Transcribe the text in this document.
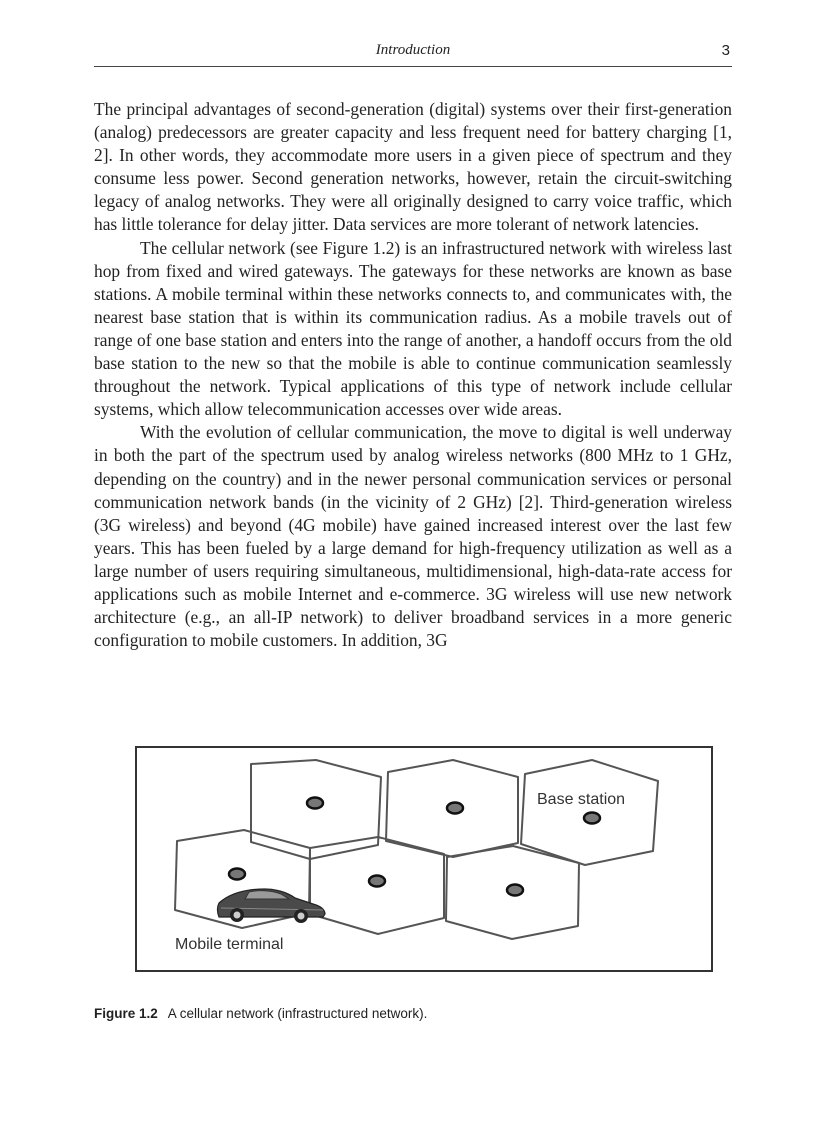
Introduction	3

The principal advantages of second-generation (digital) systems over their first-generation (analog) predecessors are greater capacity and less frequent need for battery charging [1, 2]. In other words, they accommodate more users in a given piece of spectrum and they consume less power. Second generation networks, however, retain the circuit-switching legacy of analog networks. They were all originally designed to carry voice traffic, which has little tolerance for delay jitter. Data services are more tolerant of network latencies.

The cellular network (see Figure 1.2) is an infrastructured network with wireless last hop from fixed and wired gateways. The gateways for these networks are known as base stations. A mobile terminal within these networks connects to, and communicates with, the nearest base station that is within its communication radius. As a mobile travels out of range of one base station and enters into the range of another, a handoff occurs from the old base station to the new so that the mobile is able to continue communication seamlessly throughout the network. Typical applications of this type of network include cellular systems, which allow telecommunication accesses over wide areas.

With the evolution of cellular communication, the move to digital is well underway in both the part of the spectrum used by analog wireless networks (800 MHz to 1 GHz, depending on the country) and in the newer personal communication services or personal communication network bands (in the vicinity of 2 GHz) [2]. Third-generation wireless (3G wireless) and beyond (4G mobile) have gained increased interest over the last few years. This has been fueled by a large demand for high-frequency utilization as well as a large number of users requiring simultaneous, multidimensional, high-data-rate access for applications such as mobile Internet and e-commerce. 3G wireless will use new network architecture (e.g., an all-IP network) to deliver broadband services in a more generic configuration to mobile customers. In addition, 3G

Base station
Mobile terminal
Figure 1.2 A cellular network (infrastructured network).
